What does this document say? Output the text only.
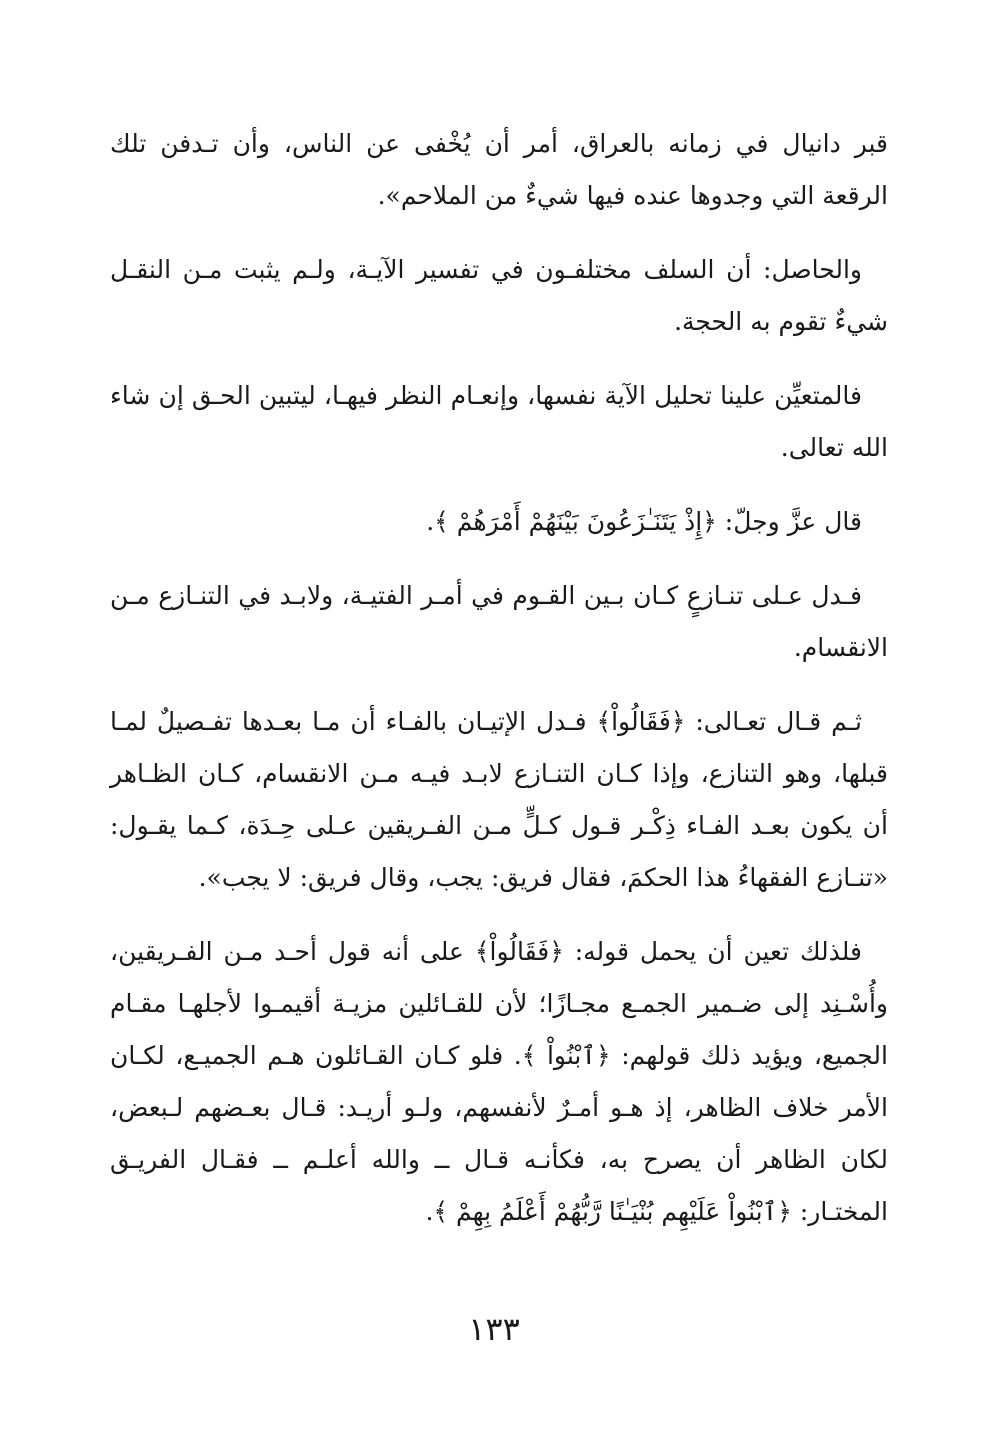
قبر دانيال في زمانه بالعراق، أمر أن يُخْفى عن الناس، وأن تـدفن تلك الرقعة التي وجدوها عنده فيها شيءٌ من الملاحم».

والحاصل: أن السلف مختلفـون في تفسير الآيـة، ولـم يثبت مـن النقـل شيءٌ تقوم به الحجة.

فالمتعيِّن علينا تحليل الآية نفسها، وإنعـام النظر فيهـا، ليتبين الحـق إن شاء الله تعالى.

قال عزَّ وجلّ: ﴿إِذْ يَتَنَـٰزَعُونَ بَيْنَهُمْ أَمْرَهُمْ ﴾.

فـدل عـلى تنـازعٍ كـان بـين القـوم في أمـر الفتيـة، ولابـد في التنـازع مـن الانقسام.

ثـم قـال تعـالى: ﴿فَقَالُواْ﴾ فـدل الإتيـان بالفـاء أن مـا بعـدها تفـصيلٌ لمـا قبلها، وهو التنازع، وإذا كـان التنـازع لابـد فيـه مـن الانقسام، كـان الظـاهر أن يكون بعـد الفـاء ذِكْـر قـول كـلٍّ مـن الفـريقين عـلى حِـدَة، كـما يقـول: «تنـازع الفقهاءُ هذا الحكمَ، فقال فريق: يجب، وقال فريق: لا يجب».

فلذلك تعين أن يحمل قوله: ﴿فَقَالُواْ﴾ على أنه قول أحـد مـن الفـريقين، وأُسْـنِد إلى ضـمير الجمـع مجـازًا؛ لأن للقـائلين مزيـة أقيمـوا لأجلهـا مقـام الجميع، ويؤيد ذلك قولهم: ﴿ٱبْنُواْ ﴾. فلو كـان القـائلون هـم الجميـع، لكـان الأمر خلاف الظاهر، إذ هـو أمـرٌ لأنفسهم، ولـو أريـد: قـال بعـضهم لـبعض، لكان الظاهر أن يصرح به، فكأنـه قـال ــ والله أعلـم ــ فقـال الفريـق المختـار: ﴿ٱبْنُواْ عَلَيْهِم بُنْيَـٰنًا رَّبُّهُمْ أَعْلَمُ بِهِمْ ﴾.

١٣٣
